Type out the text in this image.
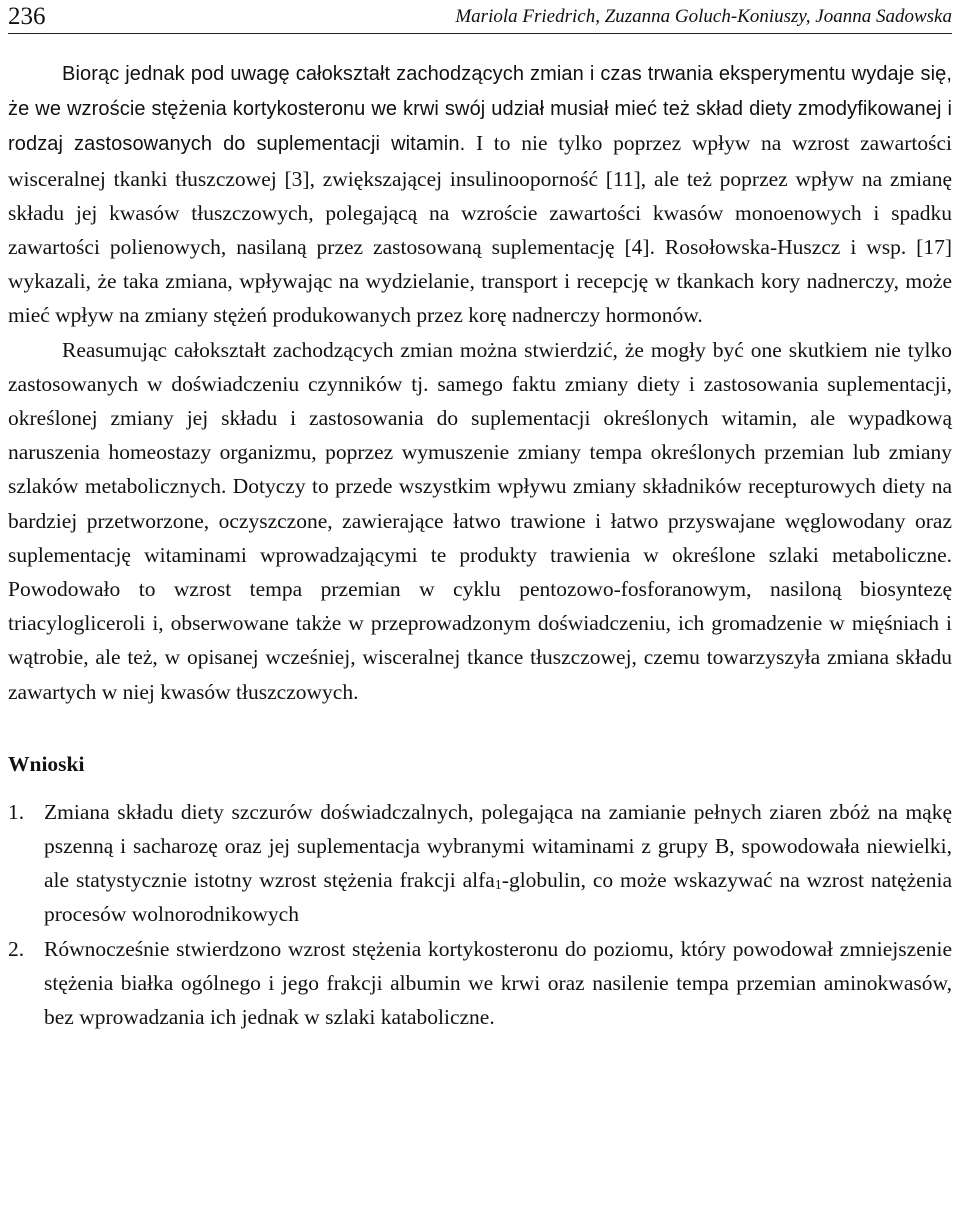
236	Mariola Friedrich, Zuzanna Goluch-Koniuszy, Joanna Sadowska

Biorąc jednak pod uwagę całokształt zachodzących zmian i czas trwania eksperymentu wydaje się, że we wzroście stężenia kortykosteronu we krwi swój udział musiał mieć też skład diety zmodyfikowanej i rodzaj zastosowanych do suplementacji witamin. I to nie tylko poprzez wpływ na wzrost zawartości wisceralnej tkanki tłuszczowej [3], zwiększającej insulinooporność [11], ale też poprzez wpływ na zmianę składu jej kwasów tłuszczowych, polegającą na wzroście zawartości kwasów monoenowych i spadku zawartości polienowych, nasilaną przez zastosowaną suplementację [4]. Rosołowska-Huszcz i wsp. [17] wykazali, że taka zmiana, wpływając na wydzielanie, transport i recepcję w tkankach kory nadnerczy, może mieć wpływ na zmiany stężeń produkowanych przez korę nadnerczy hormonów.

Reasumując całokształt zachodzących zmian można stwierdzić, że mogły być one skutkiem nie tylko zastosowanych w doświadczeniu czynników tj. samego faktu zmiany diety i zastosowania suplementacji, określonej zmiany jej składu i zastosowania do suplementacji określonych witamin, ale wypadkową naruszenia homeostazy organizmu, poprzez wymuszenie zmiany tempa określonych przemian lub zmiany szlaków metabolicznych. Dotyczy to przede wszystkim wpływu zmiany składników recepturowych diety na bardziej przetworzone, oczyszczone, zawierające łatwo trawione i łatwo przyswajane węglowodany oraz suplementację witaminami wprowadzającymi te produkty trawienia w określone szlaki metaboliczne. Powodowało to wzrost tempa przemian w cyklu pentozowo-fosforanowym, nasiloną biosyntezę triacylogliceroli i, obserwowane także w przeprowadzonym doświadczeniu, ich gromadzenie w mięśniach i wątrobie, ale też, w opisanej wcześniej, wisceralnej tkance tłuszczowej, czemu towarzyszyła zmiana składu zawartych w niej kwasów tłuszczowych.

Wnioski
1. Zmiana składu diety szczurów doświadczalnych, polegająca na zamianie pełnych ziaren zbóż na mąkę pszenną i sacharozę oraz jej suplementacja wybranymi witaminami z grupy B, spowodowała niewielki, ale statystycznie istotny wzrost stężenia frakcji alfa$_1$-globulin, co może wskazywać na wzrost natężenia procesów wolnorodnikowych
2. Równocześnie stwierdzono wzrost stężenia kortykosteronu do poziomu, który powodował zmniejszenie stężenia białka ogólnego i jego frakcji albumin we krwi oraz nasilenie tempa przemian aminokwasów, bez wprowadzania ich jednak w szlaki kataboliczne.
